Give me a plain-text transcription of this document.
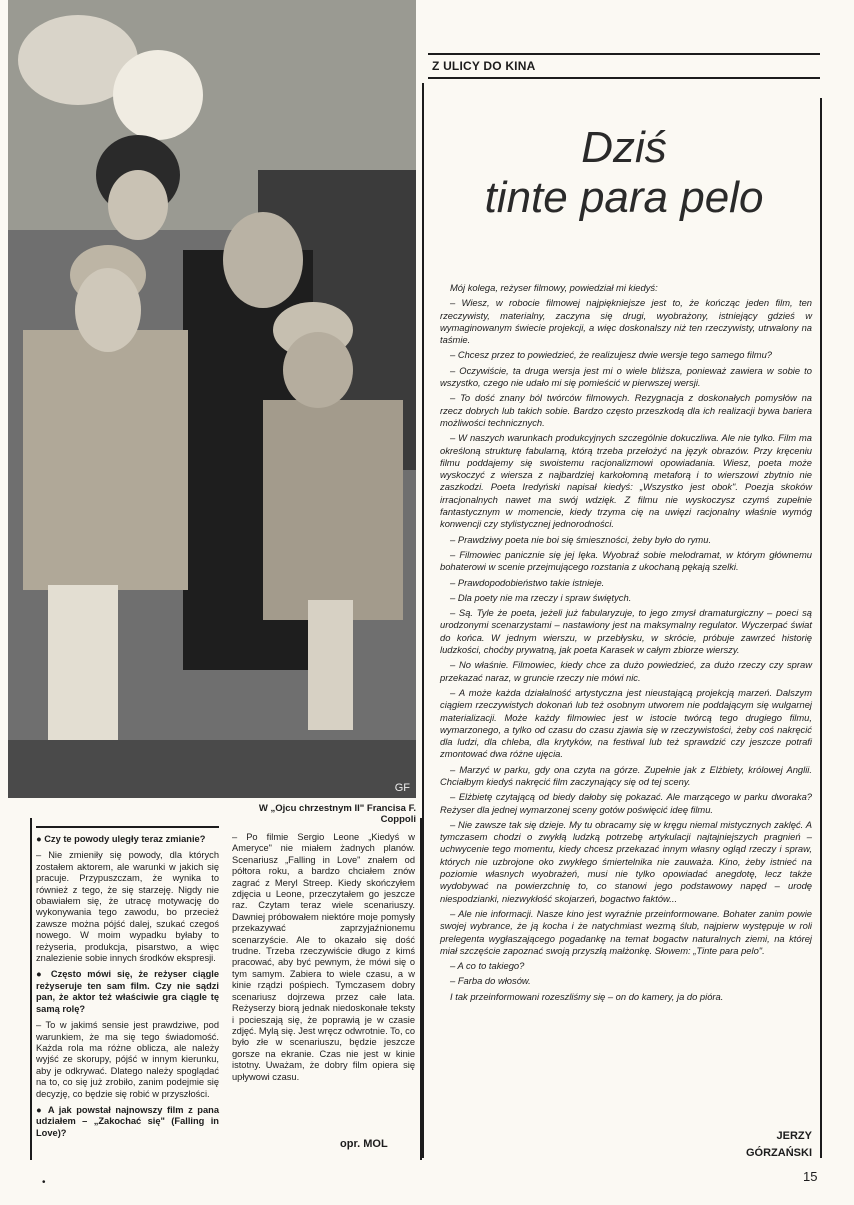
GF
W „Ojcu chrzestnym II" Francisa F. Coppoli

● Czy te powody uległy teraz zmianie?

– Nie zmieniły się powody, dla których zostałem aktorem, ale warunki w jakich się pracuje. Przypuszczam, że wynika to również z tego, że się starzeję. Nigdy nie obawiałem się, że utracę motywację do wykonywania tego zawodu, bo przecież zawsze można pójść dalej, szukać czegoś nowego. W moim wypadku byłaby to reżyseria, produkcja, pisarstwo, a więc znalezienie sobie innych środków ekspresji.

● Często mówi się, że reżyser ciągle reżyseruje ten sam film. Czy nie sądzi pan, że aktor też właściwie gra ciągle tę samą rolę?

– To w jakimś sensie jest prawdziwe, pod warunkiem, że ma się tego świadomość. Każda rola ma różne oblicza, ale należy wyjść ze skorupy, pójść w innym kierunku, aby je odkrywać. Dlatego należy spoglądać na to, co się już zrobiło, zanim podejmie się decyzję, co będzie się robić w przyszłości.

● A jak powstał najnowszy film z pana udziałem – „Zakochać się" (Falling in Love)?

– Po filmie Sergio Leone „Kiedyś w Ameryce" nie miałem żadnych planów. Scenariusz „Falling in Love" znałem od półtora roku, a bardzo chciałem znów zagrać z Meryl Streep. Kiedy skończyłem zdjęcia u Leone, przeczytałem go jeszcze raz. Czytam teraz wiele scenariuszy. Dawniej próbowałem niektóre moje pomysły przekazywać zaprzyjaźnionemu scenarzyście. Ale to okazało się dość trudne. Trzeba rzeczywiście długo z kimś pracować, aby być pewnym, że mówi się o tym samym. Zabiera to wiele czasu, a w kinie rządzi pośpiech. Tymczasem dobry scenariusz dojrzewa przez całe lata. Reżyserzy biorą jednak niedoskonałe teksty i pocieszają się, że poprawią je w czasie zdjęć. Mylą się. Jest wręcz odwrotnie. To, co było złe w scenariuszu, będzie jeszcze gorsze na ekranie. Czas nie jest w kinie istotny. Uważam, że dobry film opiera się upływowi czasu.

opr. MOL
Z ULICY DO KINA
Dziś
tinte para pelo

Mój kolega, reżyser filmowy, powiedział mi kiedyś:

– Wiesz, w robocie filmowej najpiękniejsze jest to, że kończąc jeden film, ten rzeczywisty, materialny, zaczyna się drugi, wyobrażony, istniejący gdzieś w wymaginowanym świecie projekcji, a więc doskonalszy niż ten rzeczywisty, utrwalony na taśmie.

– Chcesz przez to powiedzieć, że realizujesz dwie wersje tego samego filmu?

– Oczywiście, ta druga wersja jest mi o wiele bliższa, ponieważ zawiera w sobie to wszystko, czego nie udało mi się pomieścić w pierwszej wersji.

– To dość znany ból twórców filmowych. Rezygnacja z doskonałych pomysłów na rzecz dobrych lub takich sobie. Bardzo często przeszkodą dla ich realizacji bywa bariera możliwości technicznych.

– W naszych warunkach produkcyjnych szczególnie dokuczliwa. Ale nie tylko. Film ma określoną strukturę fabularną, którą trzeba przełożyć na język obrazów. Przy kręceniu filmu poddajemy się swoistemu racjonalizmowi opowiadania. Wiesz, poeta może wyskoczyć z wiersza z najbardziej karkołomną metaforą i to wierszowi zbytnio nie zaszkodzi. Poeta Iredyński napisał kiedyś: „Wszystko jest obok". Poezja skoków irracjonalnych nawet ma swój wdzięk. Z filmu nie wyskoczysz czymś zupełnie fantastycznym w momencie, kiedy trzyma cię na uwięzi racjonalny właśnie wymóg konwencji czy stylistycznej jednorodności.

– Prawdziwy poeta nie boi się śmieszności, żeby było do rymu.

– Filmowiec panicznie się jej lęka. Wyobraź sobie melodramat, w którym głównemu bohaterowi w scenie przejmującego rozstania z ukochaną pękają szelki.

– Prawdopodobieństwo takie istnieje.

– Dla poety nie ma rzeczy i spraw świętych.

– Są. Tyle że poeta, jeżeli już fabularyzuje, to jego zmysł dramaturgiczny – poeci są urodzonymi scenarzystami – nastawiony jest na maksymalny regulator. Wyczerpać świat do końca. W jednym wierszu, w przebłysku, w skrócie, próbuje zawrzeć historię ludzkości, choćby prywatną, jak poeta Karasek w całym zbiorze wierszy.

– No właśnie. Filmowiec, kiedy chce za dużo powiedzieć, za dużo rzeczy czy spraw przekazać naraz, w gruncie rzeczy nie mówi nic.

– A może każda działalność artystyczna jest nieustającą projekcją marzeń. Dalszym ciągiem rzeczywistych dokonań lub też osobnym utworem nie poddającym się wulgarnej materializacji. Może każdy filmowiec jest w istocie twórcą tego drugiego filmu, wymarzonego, a tylko od czasu do czasu zjawia się w rzeczywistości, żeby coś nakręcić dla ludzi, dla chleba, dla krytyków, na festiwal lub też sprawdzić czy jeszcze potrafi zmontować dwa różne ujęcia.

– Marzyć w parku, gdy ona czyta na górze. Zupełnie jak z Elżbiety, królowej Anglii. Chciałbym kiedyś nakręcić film zaczynający się od tej sceny.

– Elżbietę czytającą od biedy dałoby się pokazać. Ale marzącego w parku dworaka? Reżyser dla jednej wymarzonej sceny gotów poświęcić ideę filmu.

– Nie zawsze tak się dzieje. My tu obracamy się w kręgu niemal mistycznych zaklęć. A tymczasem chodzi o zwykłą ludzką potrzebę artykulacji najtajniejszych pragnień – uchwycenie tego momentu, kiedy chcesz przekazać innym własny ogląd rzeczy i spraw, których nie uzbrojone oko zwykłego śmiertelnika nie zauważa. Kino, żeby istnieć na poziomie własnych wyobrażeń, musi nie tylko opowiadać anegdotę, lecz także wydobywać na powierzchnię to, co stanowi jego podstawowy napęd – urodę niespodzianki, niezwykłość skojarzeń, bogactwo faktów...

– Ale nie informacji. Nasze kino jest wyraźnie przeinformowane. Bohater zanim powie swojej wybrance, że ją kocha i że natychmiast wezmą ślub, najpierw występuje w roli prelegenta wygłaszającego pogadankę na temat bogactw naturalnych ziemi, na której miał szczęście zapoznać swoją przyszłą małżonkę. Słowem: „Tinte para pelo".

– A co to takiego?

– Farba do włosów.

I tak przeinformowani rozeszliśmy się – on do kamery, ja do pióra.

JERZY
GÓRZAŃSKI
•	15
